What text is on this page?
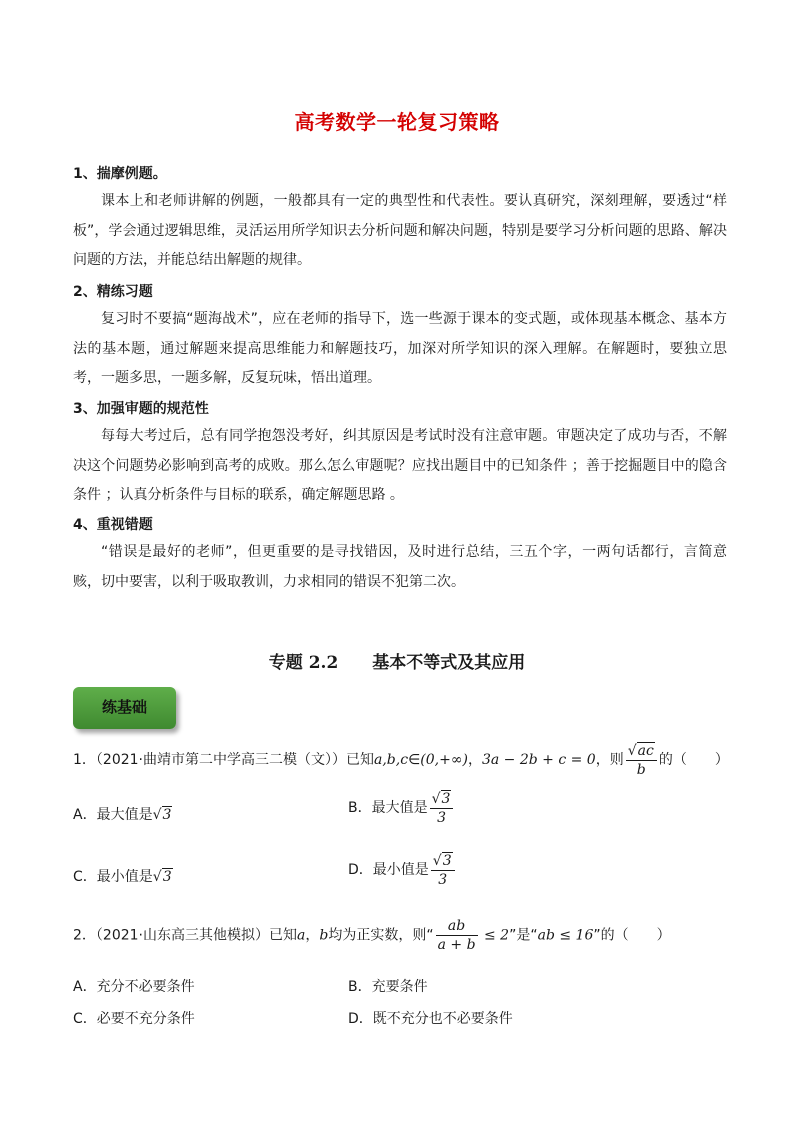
高考数学一轮复习策略
1、揣摩例题。

课本上和老师讲解的例题，一般都具有一定的典型性和代表性。要认真研究，深刻理解，要透过“样板”，学会通过逻辑思维，灵活运用所学知识去分析问题和解决问题，特别是要学习分析问题的思路、解决问题的方法，并能总结出解题的规律。

2、精练习题

复习时不要搞“题海战术”，应在老师的指导下，选一些源于课本的变式题，或体现基本概念、基本方法的基本题，通过解题来提高思维能力和解题技巧，加深对所学知识的深入理解。在解题时，要独立思考，一题多思，一题多解，反复玩味，悟出道理。

3、加强审题的规范性

每每大考过后，总有同学抱怨没考好，纠其原因是考试时没有注意审题。审题决定了成功与否，不解决这个问题势必影响到高考的成败。那么怎么审题呢？应找出题目中的已知条件 ；善于挖掘题目中的隐含条件 ；认真分析条件与目标的联系，确定解题思路 。

4、重视错题

“错误是最好的老师”，但更重要的是寻找错因，及时进行总结，三五个字，一两句话都行，言简意赅，切中要害，以利于吸取教训，力求相同的错误不犯第二次。

专题 2.2 基本不等式及其应用
练基础
1．（2021·曲靖市第二中学高三二模（文））已知a,b,c∈(0,+∞)，3a − 2b + c = 0，则 $\frac{√ac}{b}$ 的（　　）
A．最大值是√3	B．最大值是 $\frac{√3}{3}$
C．最小值是√3	D．最小值是 $\frac{√3}{3}$
2．（2021·山东高三其他模拟）已知a，b均为正实数，则“ $\frac{ab}{a + b} \le 2$”是“ab ≤ 16”的（　　）
A．充分不必要条件	B．充要条件
C．必要不充分条件	D．既不充分也不必要条件
